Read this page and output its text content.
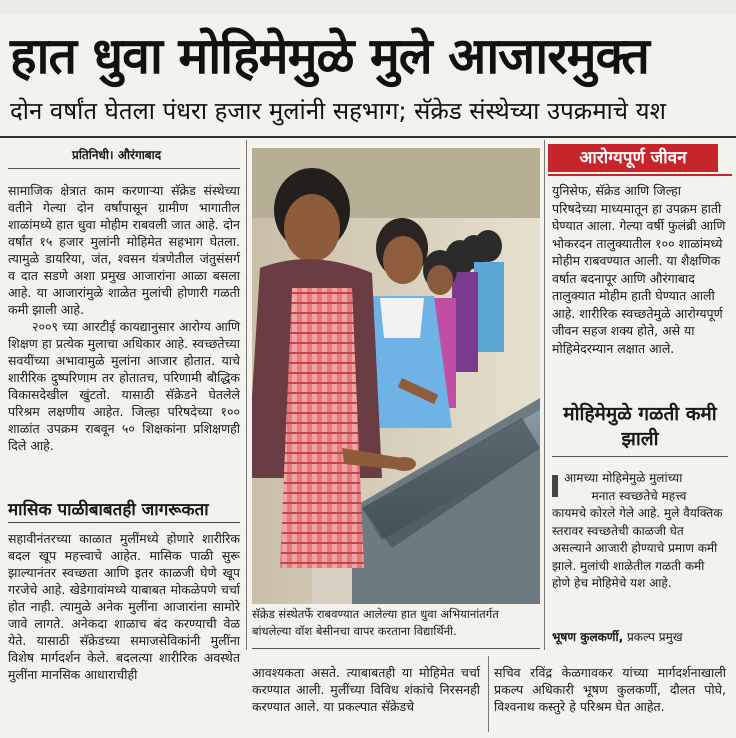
हात धुवा मोहिमेमुळे मुले आजारमुक्त
दोन वर्षांत घेतला पंधरा हजार मुलांनी सहभाग; सॅक्रेड संस्थेच्या उपक्रमाचे यश
प्रतिनिधी। औरंगाबाद

सामाजिक क्षेत्रात काम करणाऱ्या सॅक्रेड संस्थेच्या वतीने गेल्या दोन वर्षांपासून ग्रामीण भागातील शाळांमध्ये हात धुवा मोहीम राबवली जात आहे. दोन वर्षांत १५ हजार मुलांनी मोहिमेत सहभाग घेतला. त्यामुळे डायरिया, जंत, श्वसन यंत्रणेतील जंतुसंसर्ग व दात सडणे अशा प्रमुख आजारांना आळा बसला आहे. या आजारांमुळे शाळेत मुलांची होणारी गळती कमी झाली आहे.

२००९ च्या आरटीई कायद्यानुसार आरोग्य आणि शिक्षण हा प्रत्येक मुलाचा अधिकार आहे. स्वच्छतेच्या सवयींच्या अभावामुळे मुलांना आजार होतात. याचे शारीरिक दुष्परिणाम तर होतातच, परिणामी बौद्धिक विकासदेखील खुंटतो. यासाठी सॅक्रेडने घेतलेले परिश्रम लक्षणीय आहेत. जिल्हा परिषदेच्या १०० शाळांत उपक्रम राबवून ५० शिक्षकांना प्रशिक्षणही दिले आहे.

मासिक पाळीबाबतही जागरूकता

सहावीनंतरच्या काळात मुलींमध्ये होणारे शारीरिक बदल खूप महत्त्वाचे आहेत. मासिक पाळी सुरू झाल्यानंतर स्वच्छता आणि इतर काळजी घेणे खूप गरजेचे आहे. खेडेगावांमध्ये याबाबत मोकळेपणे चर्चा होत नाही. त्यामुळे अनेक मुलींना आजारांना सामोरे जावे लागते. अनेकदा शाळाच बंद करण्याची वेळ येते. यासाठी सॅक्रेडच्या समाजसेविकांनी मुलींना विशेष मार्गदर्शन केले. बदलत्या शारीरिक अवस्थेत मुलींना मानसिक आधाराचीही

सॅक्रेड संस्थेतर्फे राबवण्यात आलेल्या हात धुवा अभियानांतर्गत बांधलेल्या वॉश बेसीनचा वापर करताना विद्यार्थिनी.
आरोग्यपूर्ण जीवन

युनिसेफ, सॅक्रेड आणि जिल्हा परिषदेच्या माध्यमातून हा उपक्रम हाती घेण्यात आला. गेल्या वर्षी फुलंब्री आणि भोकरदन तालुक्यातील १०० शाळांमध्ये मोहीम राबवण्यात आली. या शैक्षणिक वर्षात बदनापूर आणि औरंगाबाद तालुक्यात मोहीम हाती घेण्यात आली आहे. शारीरिक स्वच्छतेमुळे आरोग्यपूर्ण जीवन सहज शक्य होते, असे या मोहिमेदरम्यान लक्षात आले.

मोहिमेमुळे गळती कमी झाली
आमच्या मोहिमेमुळे मुलांच्या
मनात स्वच्छतेचे महत्त्व
कायमचे कोरले गेले आहे. मुले वैयक्तिक स्तरावर स्वच्छतेची काळजी घेत असल्याने आजारी होण्याचे प्रमाण कमी झाले. मुलांची शाळेतील गळती कमी होणे हेच मोहिमेचे यश आहे.
भूषण कुलकर्णी, प्रकल्प प्रमुख

आवश्यकता असते. त्याबाबतही या मोहिमेत चर्चा करण्यात आली. मुलींच्या विविध शंकांचे निरसनही करण्यात आले. या प्रकल्पात सॅक्रेडचे

सचिव रविंद्र केळगावकर यांच्या मार्गदर्शनाखाली प्रकल्प अधिकारी भूषण कुलकर्णी, दौलत पोघे, विश्वनाथ कस्तुरे हे परिश्रम घेत आहेत.
